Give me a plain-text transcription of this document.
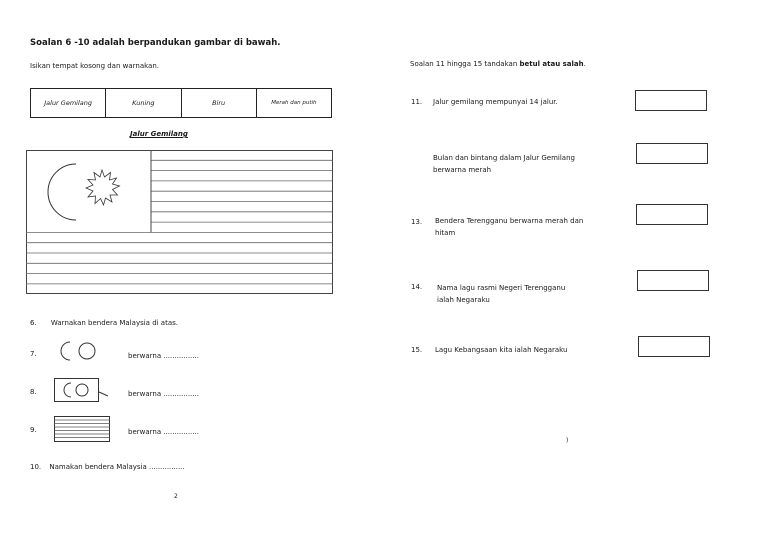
Soalan 6 -10 adalah berpandukan gambar di bawah.
Isikan tempat kosong dan warnakan.
Jalur Gemilang	Kuning	Biru	Merah dan putih
Jalur Gemilang
6. Warnakan bendera Malaysia di atas.
7.	berwarna ................
8.	berwarna ................
9.	berwarna ................
10. Namakan bendera Malaysia ................
2
Soalan 11 hingga 15 tandakan betul atau salah.
11. Jalur gemilang mempunyai 14 jalur.
Bulan dan bintang dalam Jalur Gemilang
berwarna merah
13. Bendera Terengganu berwarna merah dan
hitam
14. Nama lagu rasmi Negeri Terengganu
ialah Negaraku
15. Lagu Kebangsaan kita ialah Negaraku
)
